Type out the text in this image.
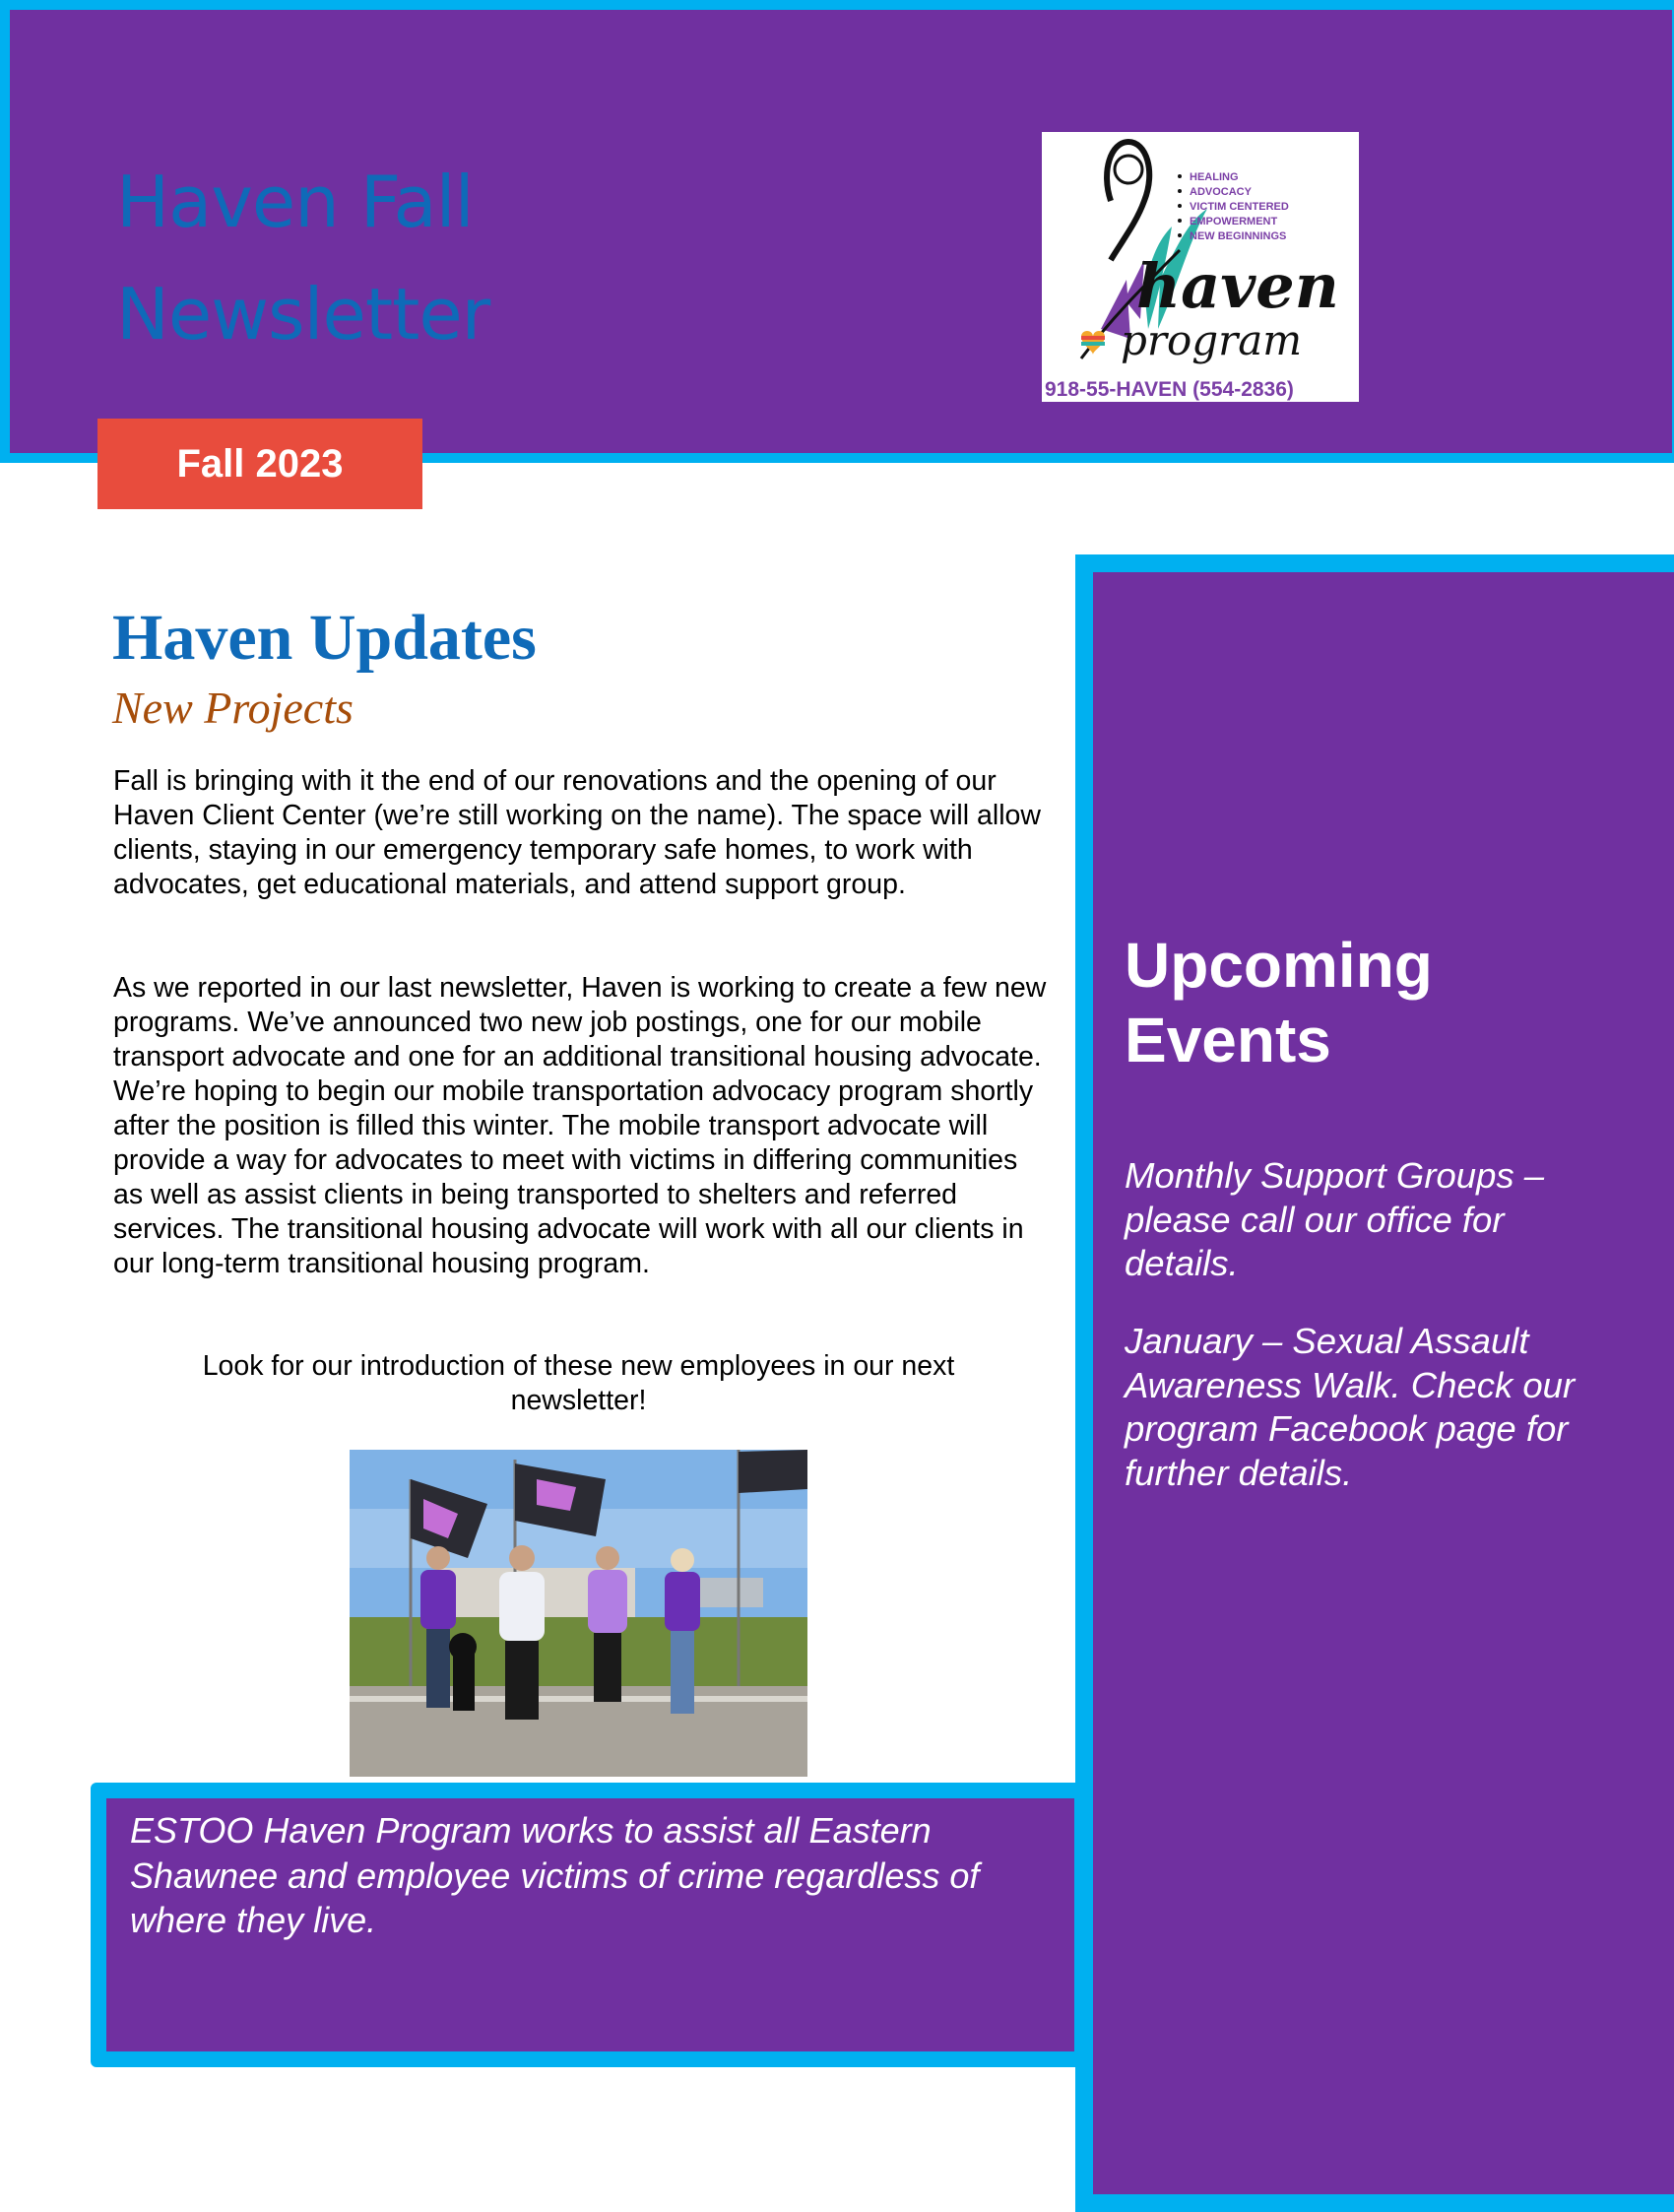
Haven Fall
Newsletter
HEALING
ADVOCACY
VICTIM CENTERED
EMPOWERMENT
NEW BEGINNINGS
haven
program
918-55-HAVEN (554-2836)
Fall 2023
Haven Updates
New Projects

Fall is bringing with it the end of our renovations and the opening of our Haven Client Center (we’re still working on the name). The space will allow clients, staying in our emergency temporary safe homes, to work with advocates, get educational materials, and attend support group.

As we reported in our last newsletter, Haven is working to create a few new programs. We’ve announced two new job postings, one for our mobile transport advocate and one for an additional transitional housing advocate. We’re hoping to begin our mobile transportation advocacy program shortly after the position is filled this winter. The mobile transport advocate will provide a way for advocates to meet with victims in differing communities as well as assist clients in being transported to shelters and referred services. The transitional housing advocate will work with all our clients in our long-term transitional housing program.

Look for our introduction of these new employees in our next newsletter!

Upcoming Events

Monthly Support Groups – please call our office for details.

January – Sexual Assault Awareness Walk. Check our program Facebook page for further details.

ESTOO Haven Program works to assist all Eastern Shawnee and employee victims of crime regardless of where they live.
